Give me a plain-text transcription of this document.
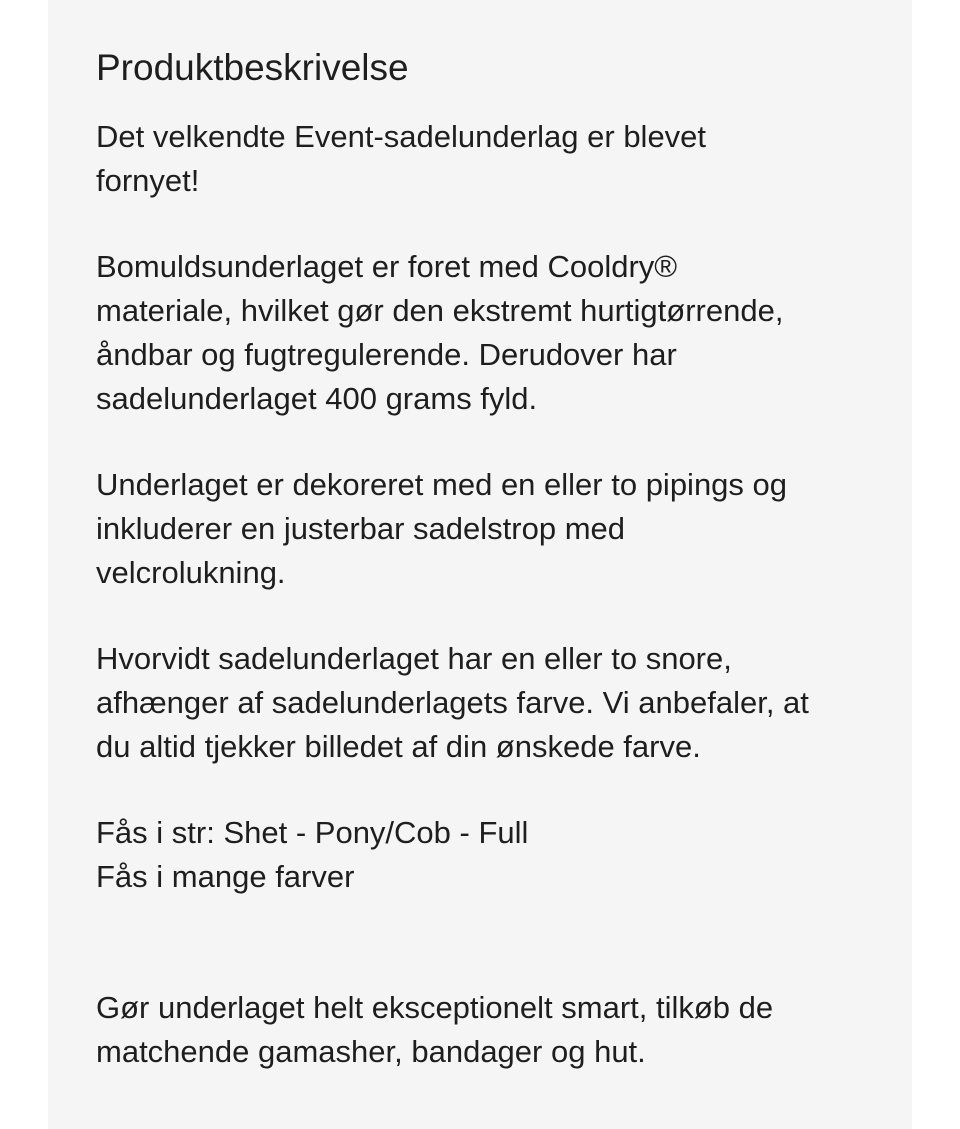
Produktbeskrivelse

Det velkendte Event-sadelunderlag er blevet
fornyet!

Bomuldsunderlaget er foret med Cooldry®
materiale, hvilket gør den ekstremt hurtigtørrende,
åndbar og fugtregulerende. Derudover har
sadelunderlaget 400 grams fyld.

Underlaget er dekoreret med en eller to pipings og
inkluderer en justerbar sadelstrop med
velcrolukning.

Hvorvidt sadelunderlaget har en eller to snore,
afhænger af sadelunderlagets farve. Vi anbefaler, at
du altid tjekker billedet af din ønskede farve.

Fås i str: Shet - Pony/Cob - Full
Fås i mange farver

Gør underlaget helt eksceptionelt smart, tilkøb de
matchende gamasher, bandager og hut.
